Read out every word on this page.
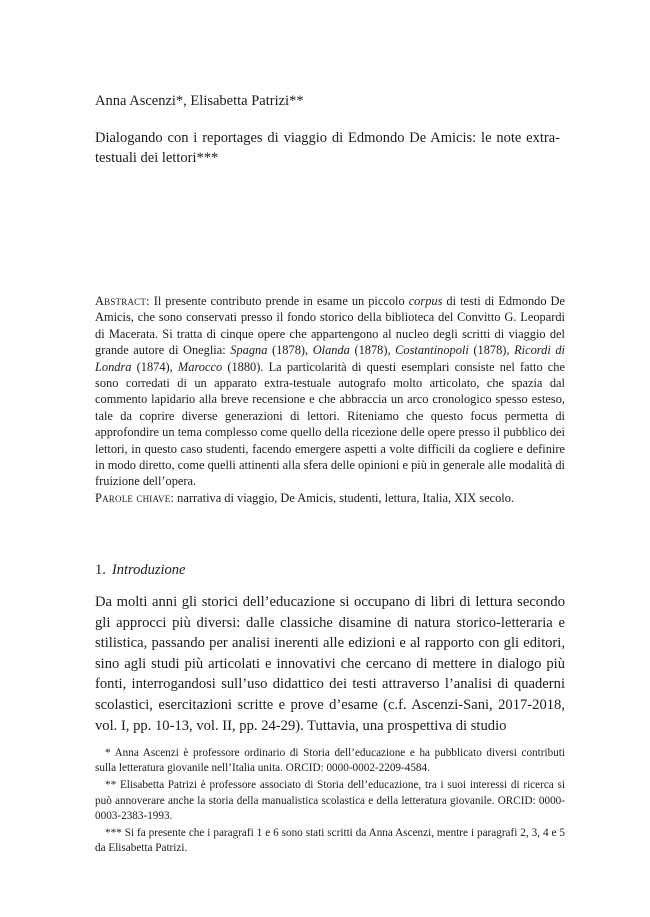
Anna Ascenzi*, Elisabetta Patrizi**
Dialogando con i reportages di viaggio di Edmondo De Amicis: le note extra-testuali dei lettori***

Abstract: Il presente contributo prende in esame un piccolo corpus di testi di Edmondo De Amicis, che sono conservati presso il fondo storico della biblioteca del Convitto G. Leopardi di Macerata. Si tratta di cinque opere che appartengono al nucleo degli scritti di viaggio del grande autore di Oneglia: Spagna (1878), Olanda (1878), Costantinopoli (1878), Ricordi di Londra (1874), Marocco (1880). La particolarità di questi esemplari consiste nel fatto che sono corredati di un apparato extra-testuale autografo molto articolato, che spazia dal commento lapidario alla breve recensione e che abbraccia un arco cronologico spesso esteso, tale da coprire diverse generazioni di lettori. Riteniamo che questo focus permetta di approfondire un tema complesso come quello della ricezione delle opere presso il pubblico dei lettori, in questo caso studenti, facendo emergere aspetti a volte difficili da cogliere e definire in modo diretto, come quelli attinenti alla sfera delle opinioni e più in generale alle modalità di fruizione dell’opera.

Parole chiave: narrativa di viaggio, De Amicis, studenti, lettura, Italia, XIX secolo.

1. Introduzione

Da molti anni gli storici dell’educazione si occupano di libri di lettura secondo gli approcci più diversi: dalle classiche disamine di natura storico-letteraria e stilistica, passando per analisi inerenti alle edizioni e al rapporto con gli editori, sino agli studi più articolati e innovativi che cercano di mettere in dialogo più fonti, interrogandosi sull’uso didattico dei testi attraverso l’analisi di quaderni scolastici, esercitazioni scritte e prove d’esame (c.f. Ascenzi-Sani, 2017-2018, vol. I, pp. 10-13, vol. II, pp. 24-29). Tuttavia, una prospettiva di studio

* Anna Ascenzi è professore ordinario di Storia dell’educazione e ha pubblicato diversi contributi sulla letteratura giovanile nell’Italia unita. ORCID: 0000-0002-2209-4584.

** Elisabetta Patrizi è professore associato di Storia dell’educazione, tra i suoi interessi di ricerca si può annoverare anche la storia della manualistica scolastica e della letteratura giovanile. ORCID: 0000-0003-2383-1993.

*** Si fa presente che i paragrafi 1 e 6 sono stati scritti da Anna Ascenzi, mentre i paragrafi 2, 3, 4 e 5 da Elisabetta Patrizi.
